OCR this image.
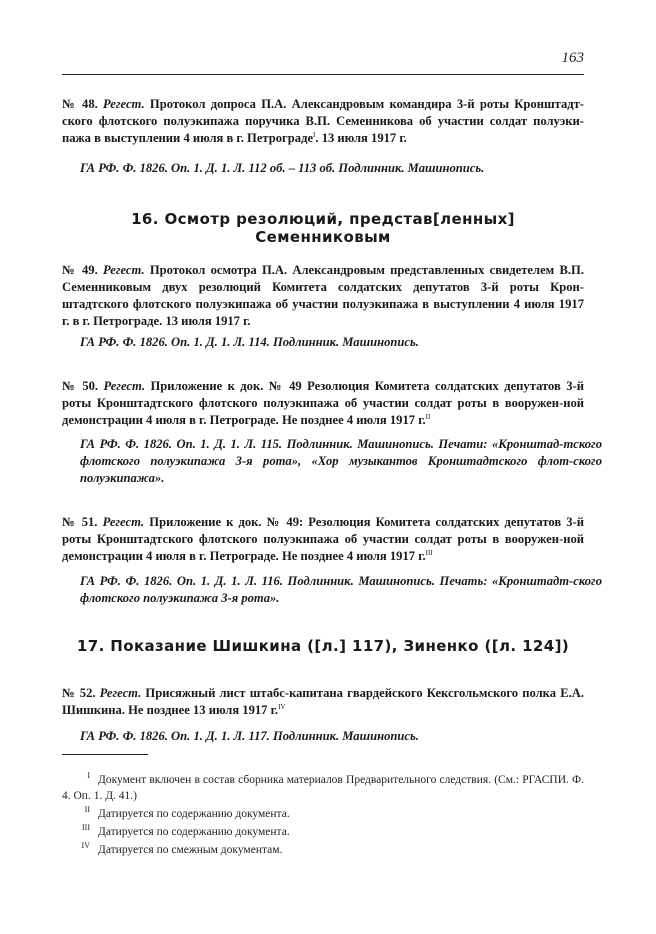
163
№ 48. Регест. Протокол допроса П.А. Александровым командира 3-й роты Кронштадт-ского флотского полуэкипажа поручика В.П. Семенникова об участии солдат полуэки-пажа в выступлении 4 июля в г. Петрограде$^I$. 13 июля 1917 г.
ГА РФ. Ф. 1826. Оп. 1. Д. 1. Л. 112 об. – 113 об. Подлинник. Машинопись.
16. Осмотр резолюций, представ[ленных] Семенниковым
№ 49. Регест. Протокол осмотра П.А. Александровым представленных свидетелем В.П. Семенниковым двух резолюций Комитета солдатских депутатов 3-й роты Крон-штадтского флотского полуэкипажа об участии полуэкипажа в выступлении 4 июля 1917 г. в г. Петрограде. 13 июля 1917 г.
ГА РФ. Ф. 1826. Оп. 1. Д. 1. Л. 114. Подлинник. Машинопись.
№ 50. Регест. Приложение к док. № 49 Резолюция Комитета солдатских депутатов 3-й роты Кронштадтского флотского полуэкипажа об участии солдат роты в вооружен-ной демонстрации 4 июля в г. Петрограде. Не позднее 4 июля 1917 г.$^{II}$
ГА РФ. Ф. 1826. Оп. 1. Д. 1. Л. 115. Подлинник. Машинопись. Печати: «Кронштад-тского флотского полуэкипажа 3-я рота», «Хор музыкантов Кронштадтского флот-ского полуэкипажа».
№ 51. Регест. Приложение к док. № 49: Резолюция Комитета солдатских депутатов 3-й роты Кронштадтского флотского полуэкипажа об участии солдат роты в вооружен-ной демонстрации 4 июля в г. Петрограде. Не позднее 4 июля 1917 г.$^{III}$
ГА РФ. Ф. 1826. Оп. 1. Д. 1. Л. 116. Подлинник. Машинопись. Печать: «Кронштадт-ского флотского полуэкипажа 3-я рота».
17. Показание Шишкина ([л.] 117), Зиненко ([л. 124])
№ 52. Регест. Присяжный лист штабс-капитана гвардейского Кексгольмского полка Е.А. Шишкина. Не позднее 13 июля 1917 г.$^{IV}$
ГА РФ. Ф. 1826. Оп. 1. Д. 1. Л. 117. Подлинник. Машинопись.
I Документ включен в состав сборника материалов Предварительного следствия. (См.: РГАСПИ. Ф. 4. Оп. 1. Д. 41.)
II Датируется по содержанию документа.
III Датируется по содержанию документа.
IV Датируется по смежным документам.
